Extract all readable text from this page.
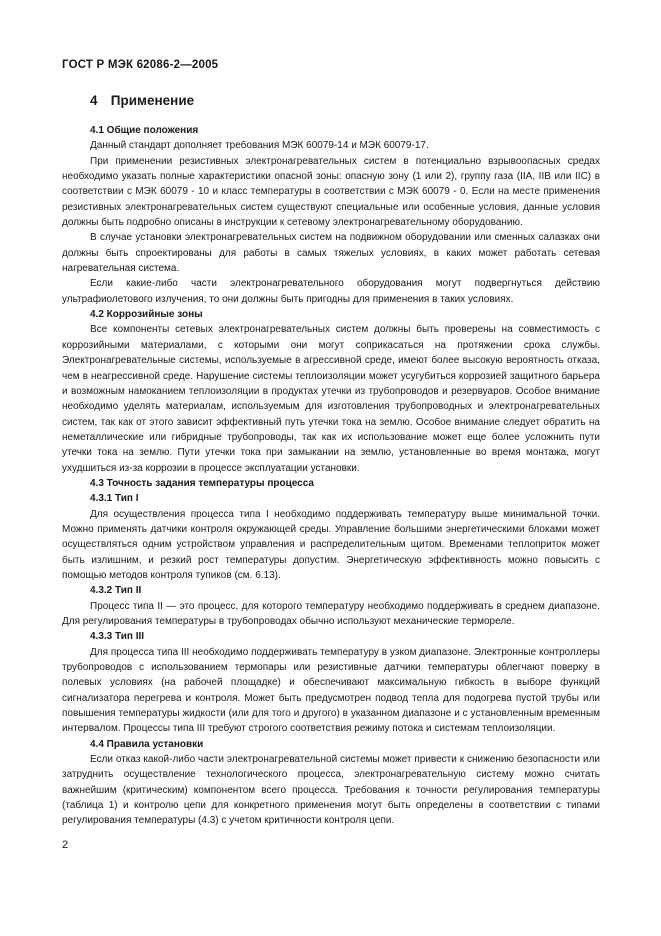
ГОСТ Р МЭК 62086-2—2005
4 Применение
4.1 Общие положения

Данный стандарт дополняет требования МЭК 60079-14 и МЭК 60079-17.

При применении резистивных электронагревательных систем в потенциально взрывоопасных средах необходимо указать полные характеристики опасной зоны: опасную зону (1 или 2), группу газа (IIA, IIB или IIC) в соответствии с МЭК 60079 - 10 и класс температуры в соответствии с МЭК 60079 - 0. Если на месте применения резистивных электронагревательных систем существуют специальные или особенные условия, данные условия должны быть подробно описаны в инструкции к сетевому электронагревательному оборудованию.

В случае установки электронагревательных систем на подвижном оборудовании или сменных салазках они должны быть спроектированы для работы в самых тяжелых условиях, в каких может работать сетевая нагревательная система.

Если какие-либо части электронагревательного оборудования могут подвергнуться действию ультрафиолетового излучения, то они должны быть пригодны для применения в таких условиях.

4.2 Коррозийные зоны

Все компоненты сетевых электронагревательных систем должны быть проверены на совместимость с коррозийными материалами, с которыми они могут соприкасаться на протяжении срока службы. Электронагревательные системы, используемые в агрессивной среде, имеют более высокую вероятность отказа, чем в неагрессивной среде. Нарушение системы теплоизоляции может усугубиться коррозией защитного барьера и возможным намоканием теплоизоляции в продуктах утечки из трубопроводов и резервуаров. Особое внимание необходимо уделять материалам, используемым для изготовления трубопроводных и электронагревательных систем, так как от этого зависит эффективный путь утечки тока на землю. Особое внимание следует обратить на неметаллические или гибридные трубопроводы, так как их использование может еще более усложнить пути утечки тока на землю. Пути утечки тока при замыкании на землю, установленные во время монтажа, могут ухудшиться из-за коррозии в процессе эксплуатации установки.

4.3 Точность задания температуры процесса
4.3.1 Тип I

Для осуществления процесса типа I необходимо поддерживать температуру выше минимальной точки. Можно применять датчики контроля окружающей среды. Управление большими энергетическими блоками может осуществляться одним устройством управления и распределительным щитом. Временами теплоприток может быть излишним, и резкий рост температуры допустим. Энергетическую эффективность можно повысить с помощью методов контроля тупиков (см. 6.13).

4.3.2 Тип II

Процесс типа II — это процесс, для которого температуру необходимо поддерживать в среднем диапазоне. Для регулирования температуры в трубопроводах обычно используют механические термореле.

4.3.3 Тип III

Для процесса типа III необходимо поддерживать температуру в узком диапазоне. Электронные контроллеры трубопроводов с использованием термопары или резистивные датчики температуры облегчают поверку в полевых условиях (на рабочей площадке) и обеспечивают максимальную гибкость в выборе функций сигнализатора перегрева и контроля. Может быть предусмотрен подвод тепла для подогрева пустой трубы или повышения температуры жидкости (или для того и другого) в указанном диапазоне и с установленным временным интервалом. Процессы типа III требуют строгого соответствия режиму потока и системам теплоизоляции.

4.4 Правила установки

Если отказ какой-либо части электронагревательной системы может привести к снижению безопасности или затруднить осуществление технологического процесса, электронагревательную систему можно считать важнейшим (критическим) компонентом всего процесса. Требования к точности регулирования температуры (таблица 1) и контролю цепи для конкретного применения могут быть определены в соответствии с типами регулирования температуры (4.3) с учетом критичности контроля цепи.

2
